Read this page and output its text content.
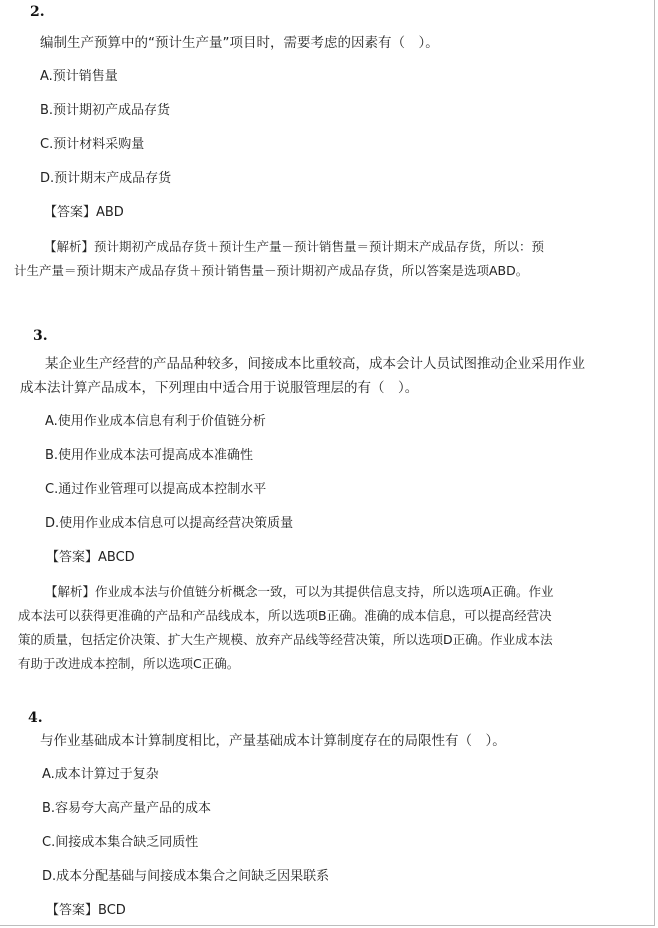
2.
编制生产预算中的“预计生产量”项目时，需要考虑的因素有（　）。
A.预计销售量
B.预计期初产成品存货
C.预计材料采购量
D.预计期末产成品存货
【答案】ABD
【解析】预计期初产成品存货＋预计生产量－预计销售量＝预计期末产成品存货，所以：预
计生产量＝预计期末产成品存货＋预计销售量－预计期初产成品存货，所以答案是选项ABD。
3.
某企业生产经营的产品品种较多，间接成本比重较高，成本会计人员试图推动企业采用作业
成本法计算产品成本，下列理由中适合用于说服管理层的有（　）。
A.使用作业成本信息有利于价值链分析
B.使用作业成本法可提高成本准确性
C.通过作业管理可以提高成本控制水平
D.使用作业成本信息可以提高经营决策质量
【答案】ABCD
【解析】作业成本法与价值链分析概念一致，可以为其提供信息支持，所以选项A正确。作业
成本法可以获得更准确的产品和产品线成本，所以选项B正确。准确的成本信息，可以提高经营决
策的质量，包括定价决策、扩大生产规模、放弃产品线等经营决策，所以选项D正确。作业成本法
有助于改进成本控制，所以选项C正确。
4.
与作业基础成本计算制度相比，产量基础成本计算制度存在的局限性有（　）。
A.成本计算过于复杂
B.容易夸大高产量产品的成本
C.间接成本集合缺乏同质性
D.成本分配基础与间接成本集合之间缺乏因果联系
【答案】BCD
